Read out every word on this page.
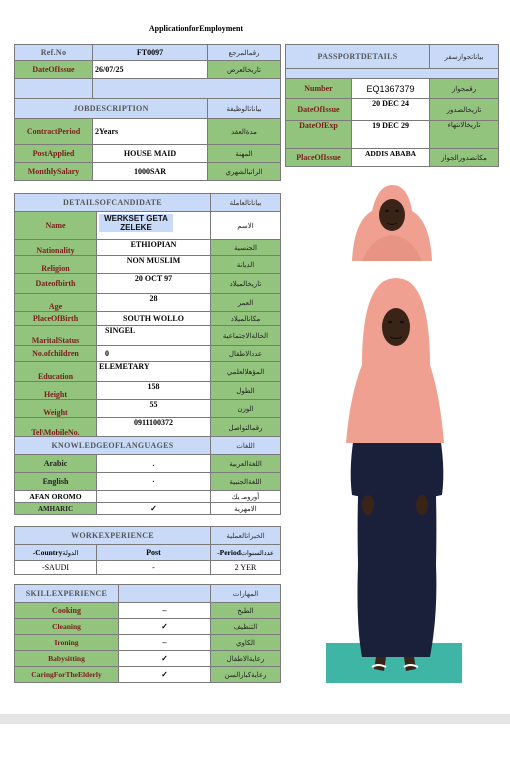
ApplicationforEmployment
Ref.No	FT0097	رقمالمرجع
DateOfIssue	26/07/25	تاريخالعرض

JOBDESCRIPTION		بياناتالوظيفة
ContractPeriod	2Years	مدةالعقد
PostApplied	HOUSE MAID	المهنة
MonthlySalary	1000SAR	الراتبالشهري
PASSPORTDETAILS		بياناتجوازسفر

Number	EQ1367379	رقمجواز
DateOfIssue	20 DEC 24	تاريخالصدور
DateOfExp	19 DEC 29	تاريخالانتهاء
PlaceOfIssue	ADDIS ABABA	مكانصدورالجواز
DETAILSOFCANDIDATE		بياناتالعاملة
Name	WERKSET GETA ZELEKE	الاسم
Nationality	ETHIOPIAN	الجنسية
Religion	NON MUSLIM	الديانة
Dateofbirth	20 OCT 97	تاريخالميلاد
Age	28	العمر
PlaceOfBirth	SOUTH WOLLO	مكانالميلاد
MaritalStatus	SINGEL	الحالةالاجتماعية
No.ofchildren	0	عددالاطفال
Education	ELEMETARY	المؤهلالعلمي
Height	158	الطول
Weight	55	الوزن
Tel\MobileNo.	0911100372	رقمالتواصل

KNOWLEDGEOFLANGUAGES		اللغات
Arabic	.	اللغةالعربية
English	·	اللغةالجنبية
AFAN OROMO		أورومـ يك
AMHARIC	✓	الامهرية
WORKEXPERIENCE		الخبراتالعملية
-Countryالدولة	Post	-Periodعددالسنوات
-SAUDI	-	2 YER
SKILLEXPERIENCE		المهارات
Cooking	–	الطبخ
Cleaning	✓	التنظيف
Ironing	–	الكاوي
Babysitting	✓	رعايةالاطفال
CaringForTheElderly	✓	رعايةكبارالسن
